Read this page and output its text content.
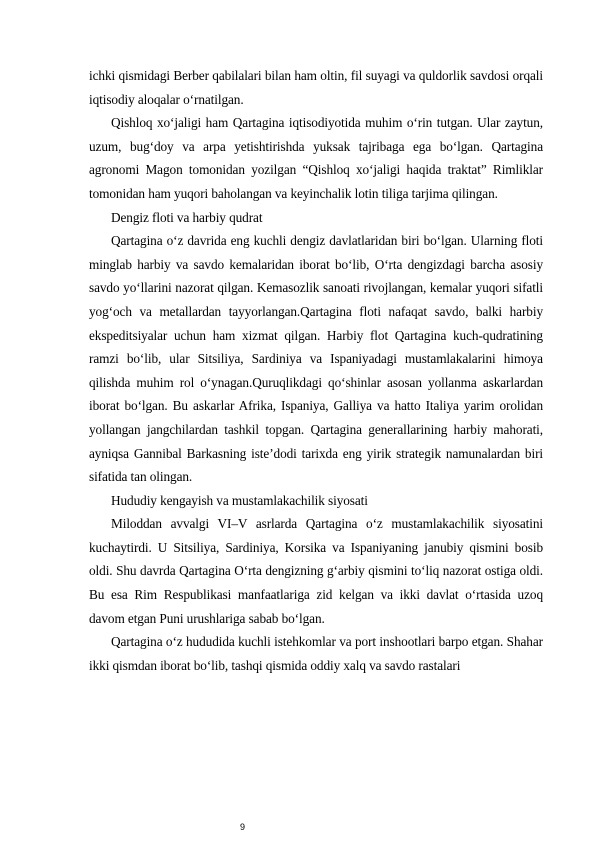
ichki qismidagi Berber qabilalari bilan ham oltin, fil suyagi va quldorlik savdosi orqali iqtisodiy aloqalar o‘rnatilgan.

Qishloq xo‘jaligi ham Qartagina iqtisodiyotida muhim o‘rin tutgan. Ular zaytun, uzum, bug‘doy va arpa yetishtirishda yuksak tajribaga ega bo‘lgan. Qartagina agronomi Magon tomonidan yozilgan “Qishloq xo‘jaligi haqida traktat” Rimliklar tomonidan ham yuqori baholangan va keyinchalik lotin tiliga tarjima qilingan.

Dengiz floti va harbiy qudrat

Qartagina o‘z davrida eng kuchli dengiz davlatlaridan biri bo‘lgan. Ularning floti minglab harbiy va savdo kemalaridan iborat bo‘lib, O‘rta dengizdagi barcha asosiy savdo yo‘llarini nazorat qilgan. Kemasozlik sanoati rivojlangan, kemalar yuqori sifatli yog‘och va metallardan tayyorlangan.Qartagina floti nafaqat savdo, balki harbiy ekspeditsiyalar uchun ham xizmat qilgan. Harbiy flot Qartagina kuch-qudratining ramzi bo‘lib, ular Sitsiliya, Sardiniya va Ispaniyadagi mustamlakalarini himoya qilishda muhim rol o‘ynagan.Quruqlikdagi qo‘shinlar asosan yollanma askarlardan iborat bo‘lgan. Bu askarlar Afrika, Ispaniya, Galliya va hatto Italiya yarim orolidan yollangan jangchilardan tashkil topgan. Qartagina generallarining harbiy mahorati, ayniqsa Gannibal Barkasning iste’dodi tarixda eng yirik strategik namunalardan biri sifatida tan olingan.

Hududiy kengayish va mustamlakachilik siyosati

Miloddan avvalgi VI–V asrlarda Qartagina o‘z mustamlakachilik siyosatini kuchaytirdi. U Sitsiliya, Sardiniya, Korsika va Ispaniyaning janubiy qismini bosib oldi. Shu davrda Qartagina O‘rta dengizning g‘arbiy qismini to‘liq nazorat ostiga oldi. Bu esa Rim Respublikasi manfaatlariga zid kelgan va ikki davlat o‘rtasida uzoq davom etgan Puni urushlariga sabab bo‘lgan.

Qartagina o‘z hududida kuchli istehkomlar va port inshootlari barpo etgan. Shahar ikki qismdan iborat bo‘lib, tashqi qismida oddiy xalq va savdo rastalari

9
